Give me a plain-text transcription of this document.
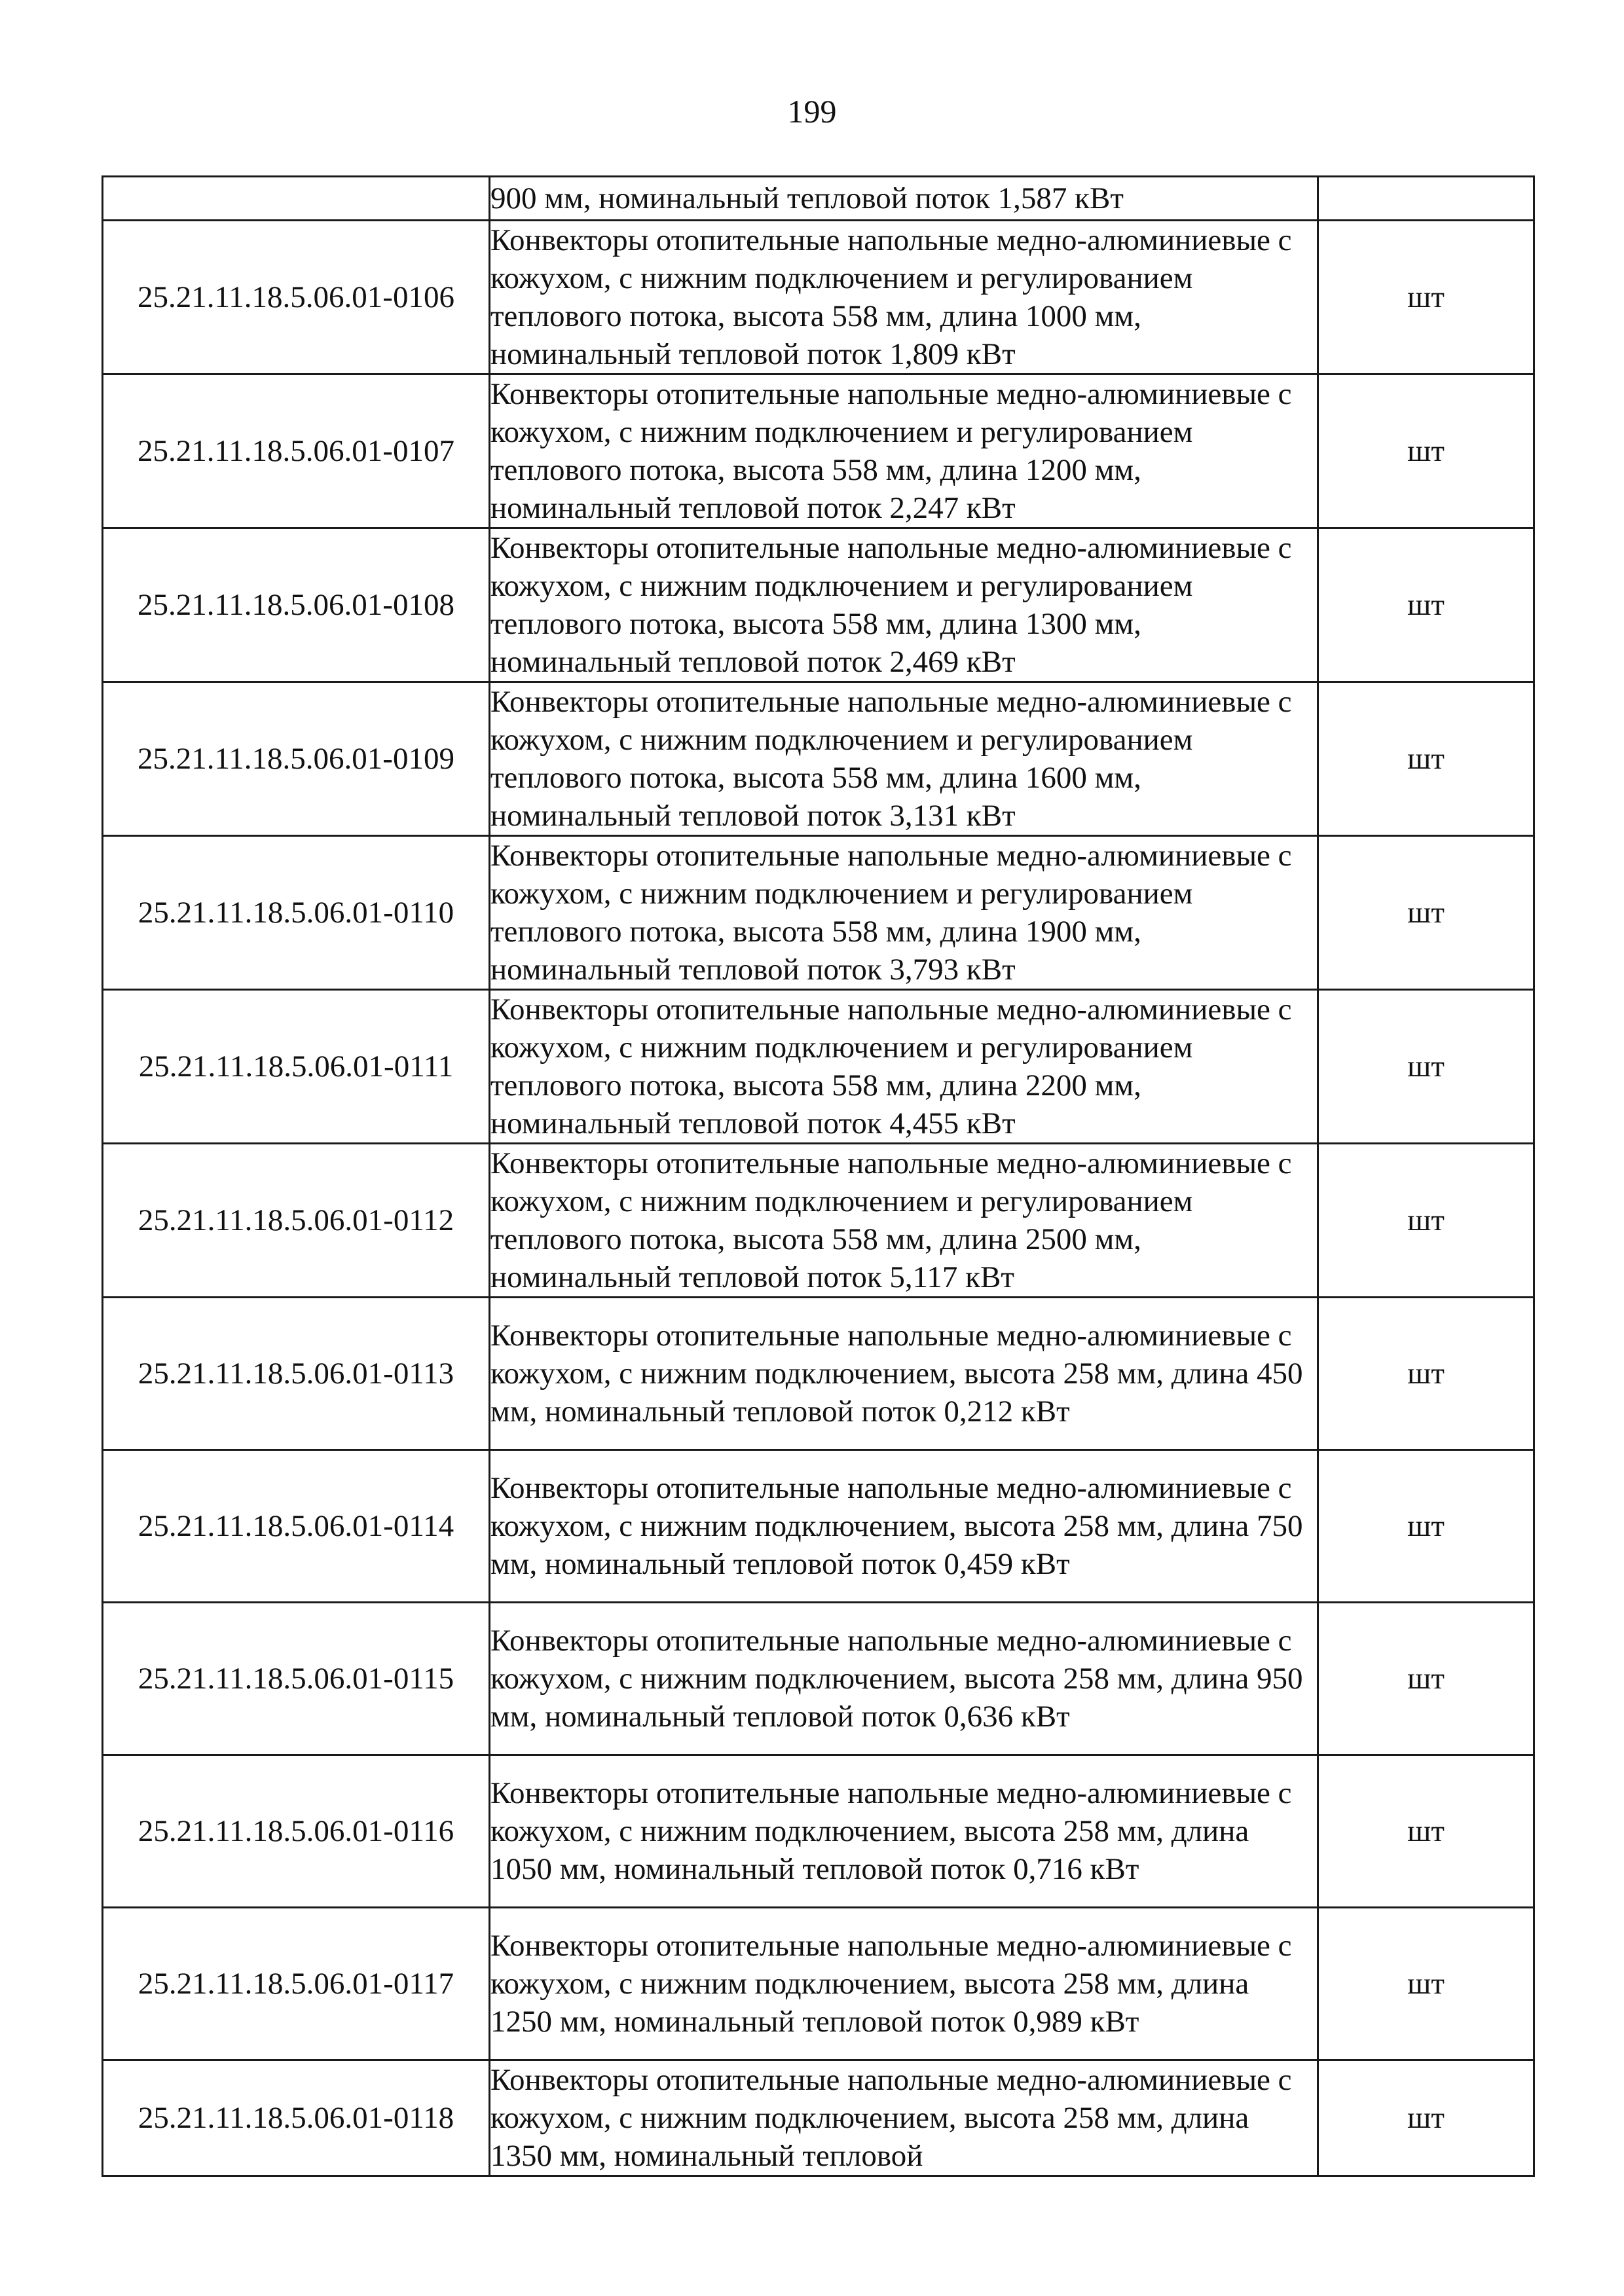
199
	900 мм, номинальный тепловой поток 1,587 кВт	
25.21.11.18.5.06.01-0106	Конвекторы отопительные напольные медно-алюминиевые с кожухом, с нижним подключением и регулированием теплового потока, высота 558 мм, длина 1000 мм, номинальный тепловой поток 1,809 кВт	шт
25.21.11.18.5.06.01-0107	Конвекторы отопительные напольные медно-алюминиевые с кожухом, с нижним подключением и регулированием теплового потока, высота 558 мм, длина 1200 мм, номинальный тепловой поток 2,247 кВт	шт
25.21.11.18.5.06.01-0108	Конвекторы отопительные напольные медно-алюминиевые с кожухом, с нижним подключением и регулированием теплового потока, высота 558 мм, длина 1300 мм, номинальный тепловой поток 2,469 кВт	шт
25.21.11.18.5.06.01-0109	Конвекторы отопительные напольные медно-алюминиевые с кожухом, с нижним подключением и регулированием теплового потока, высота 558 мм, длина 1600 мм, номинальный тепловой поток 3,131 кВт	шт
25.21.11.18.5.06.01-0110	Конвекторы отопительные напольные медно-алюминиевые с кожухом, с нижним подключением и регулированием теплового потока, высота 558 мм, длина 1900 мм, номинальный тепловой поток 3,793 кВт	шт
25.21.11.18.5.06.01-0111	Конвекторы отопительные напольные медно-алюминиевые с кожухом, с нижним подключением и регулированием теплового потока, высота 558 мм, длина 2200 мм, номинальный тепловой поток 4,455 кВт	шт
25.21.11.18.5.06.01-0112	Конвекторы отопительные напольные медно-алюминиевые с кожухом, с нижним подключением и регулированием теплового потока, высота 558 мм, длина 2500 мм, номинальный тепловой поток 5,117 кВт	шт
25.21.11.18.5.06.01-0113	Конвекторы отопительные напольные медно-алюминиевые с кожухом, с нижним подключением, высота 258 мм, длина 450 мм, номинальный тепловой поток 0,212 кВт	шт
25.21.11.18.5.06.01-0114	Конвекторы отопительные напольные медно-алюминиевые с кожухом, с нижним подключением, высота 258 мм, длина 750 мм, номинальный тепловой поток 0,459 кВт	шт
25.21.11.18.5.06.01-0115	Конвекторы отопительные напольные медно-алюминиевые с кожухом, с нижним подключением, высота 258 мм, длина 950 мм, номинальный тепловой поток 0,636 кВт	шт
25.21.11.18.5.06.01-0116	Конвекторы отопительные напольные медно-алюминиевые с кожухом, с нижним подключением, высота 258 мм, длина 1050 мм, номинальный тепловой поток 0,716 кВт	шт
25.21.11.18.5.06.01-0117	Конвекторы отопительные напольные медно-алюминиевые с кожухом, с нижним подключением, высота 258 мм, длина 1250 мм, номинальный тепловой поток 0,989 кВт	шт
25.21.11.18.5.06.01-0118	Конвекторы отопительные напольные медно-алюминиевые с кожухом, с нижним подключением, высота 258 мм, длина 1350 мм, номинальный тепловой	шт
